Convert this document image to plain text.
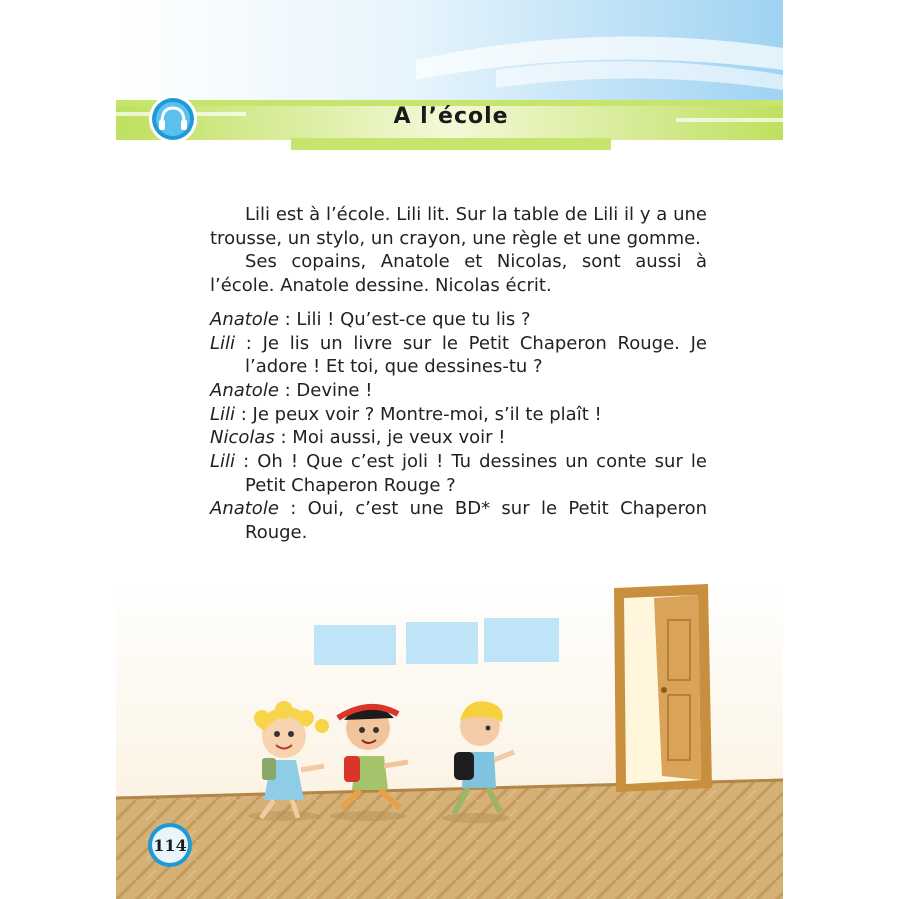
A l’école

Lili est à l’école. Lili lit. Sur la table de Lili il y a une trousse, un stylo, un crayon, une règle et une gomme.

Ses copains, Anatole et Nicolas, sont aussi à l’école. Anatole dessine. Nicolas écrit.

Anatole : Lili ! Qu’est-ce que tu lis ?

Lili : Je lis un livre sur le Petit Chaperon Rouge. Je l’adore ! Et toi, que dessines-tu ?

Anatole : Devine !

Lili : Je peux voir ? Montre-moi, s’il te plaît !

Nicolas : Moi aussi, je veux voir !

Lili : Oh ! Que c’est joli ! Tu dessines un conte sur le Petit Chaperon Rouge ?

Anatole : Oui, c’est une BD* sur le Petit Chaperon Rouge.

114
